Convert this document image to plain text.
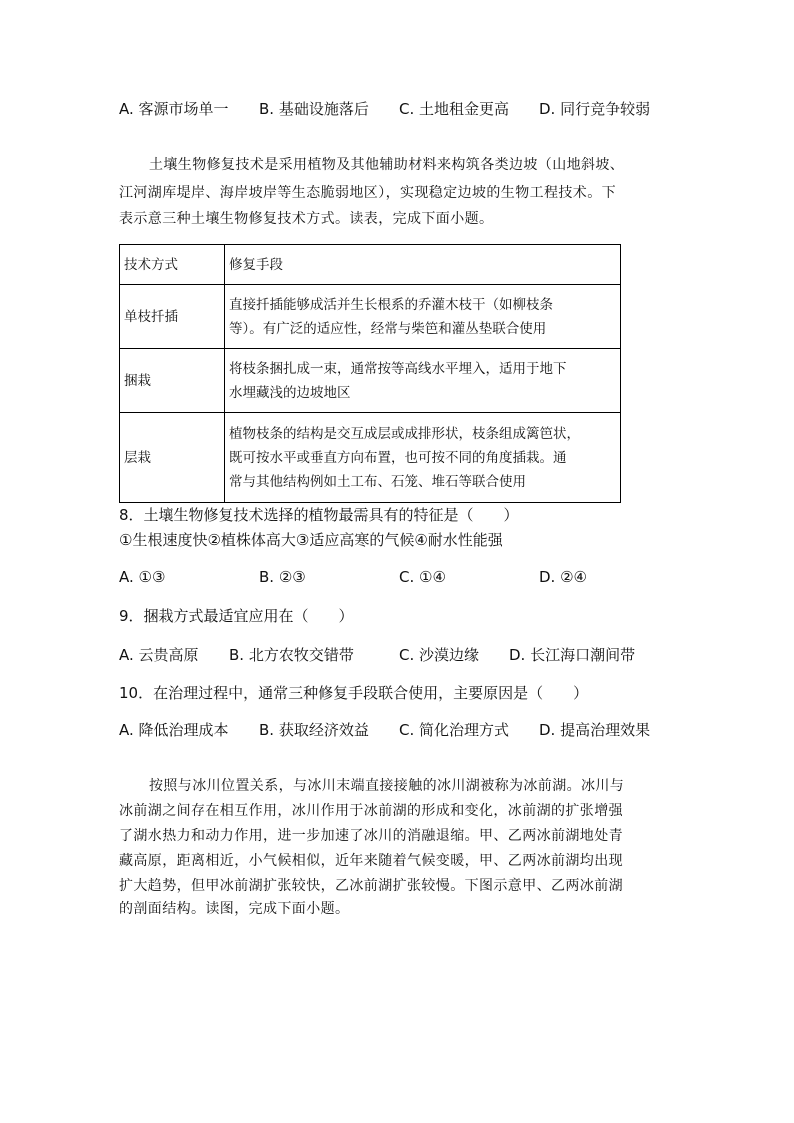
A. 客源市场单一 B. 基础设施落后 C. 土地租金更高 D. 同行竞争较弱
土壤生物修复技术是采用植物及其他辅助材料来构筑各类边坡（山地斜坡、
江河湖库堤岸、海岸坡岸等生态脆弱地区），实现稳定边坡的生物工程技术。下
表示意三种土壤生物修复技术方式。读表，完成下面小题。
技术方式	修复手段
单枝扦插	直接扦插能够成活并生长根系的乔灌木枝干（如柳枝条
等）。有广泛的适应性，经常与柴笆和灌丛垫联合使用
捆栽	将枝条捆扎成一束，通常按等高线水平埋入，适用于地下
水埋藏浅的边坡地区
层栽	植物枝条的结构是交互成层或成排形状，枝条组成篱笆状，
既可按水平或垂直方向布置，也可按不同的角度插栽。通
常与其他结构例如土工布、石笼、堆石等联合使用
8．土壤生物修复技术选择的植物最需具有的特征是（　　）
①生根速度快②植株体高大③适应高寒的气候④耐水性能强
A. ①③	B. ②③	C. ①④	D. ②④
9．捆栽方式最适宜应用在（　　）
A. 云贵高原 B. 北方农牧交错带	C. 沙漠边缘 D. 长江海口潮间带
10．在治理过程中，通常三种修复手段联合使用，主要原因是（　　）
A. 降低治理成本 B. 获取经济效益 C. 简化治理方式 D. 提高治理效果
按照与冰川位置关系，与冰川末端直接接触的冰川湖被称为冰前湖。冰川与
冰前湖之间存在相互作用，冰川作用于冰前湖的形成和变化，冰前湖的扩张增强
了湖水热力和动力作用，进一步加速了冰川的消融退缩。甲、乙两冰前湖地处青
藏高原，距离相近，小气候相似，近年来随着气候变暖，甲、乙两冰前湖均出现
扩大趋势，但甲冰前湖扩张较快，乙冰前湖扩张较慢。下图示意甲、乙两冰前湖
的剖面结构。读图，完成下面小题。
